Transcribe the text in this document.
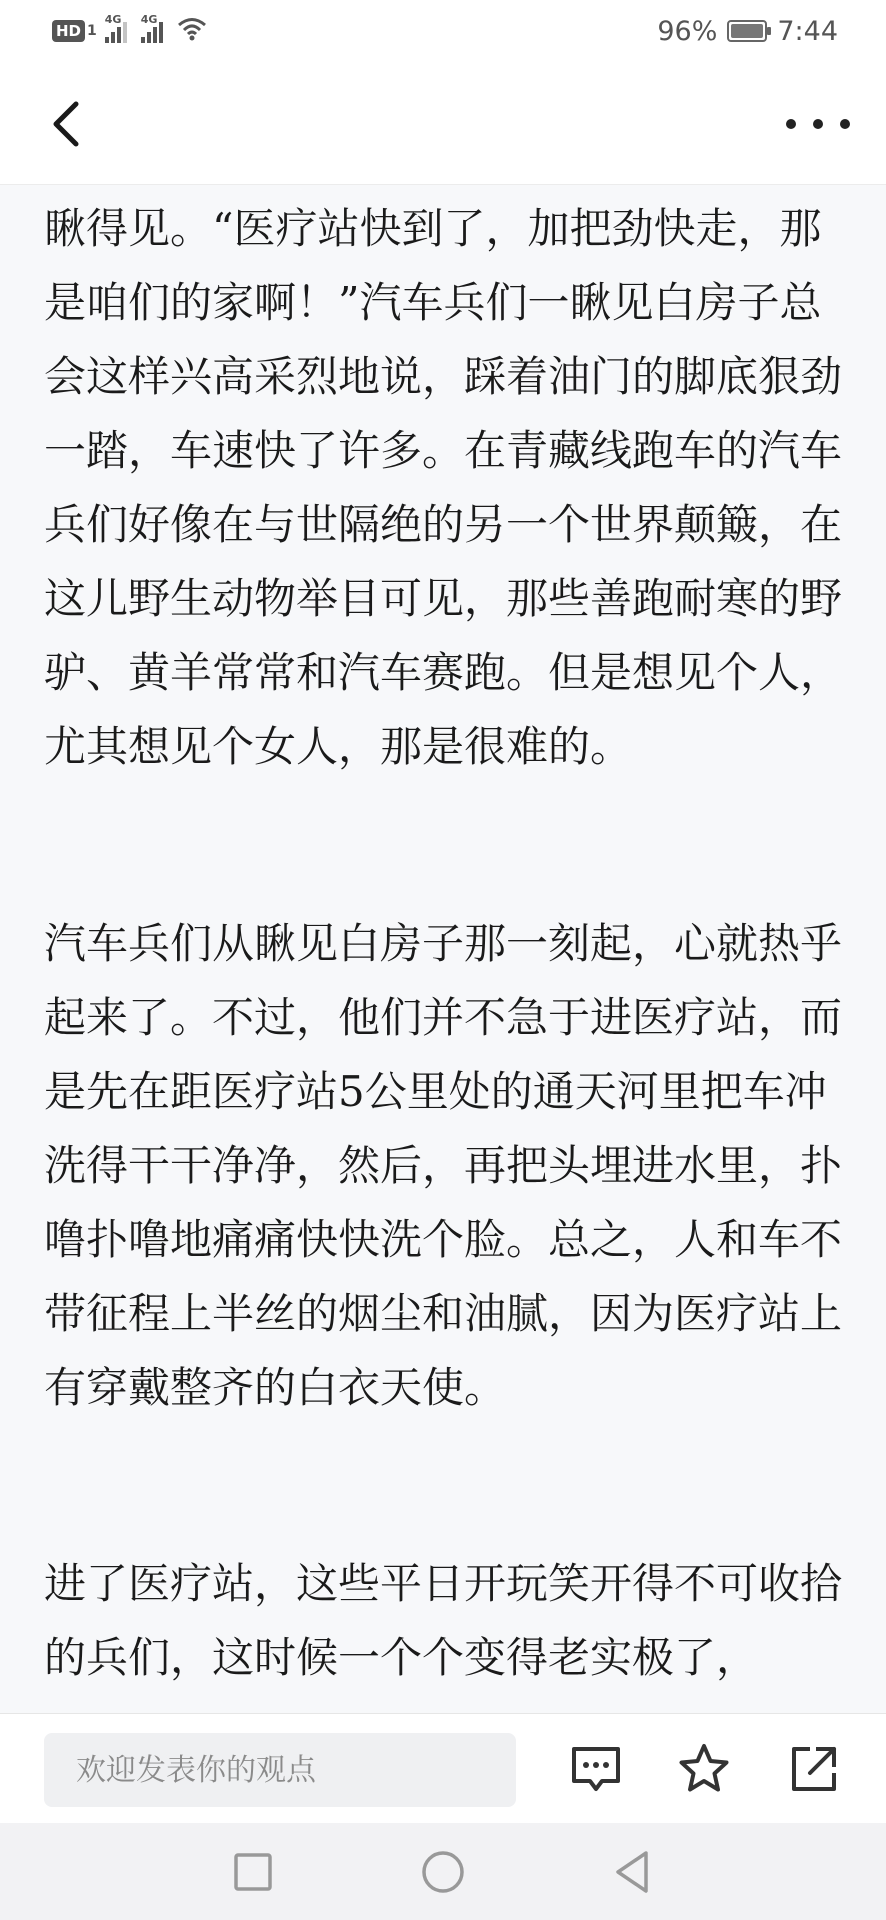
HD 1
4G 4G	96% 7:44

瞅得见。“医疗站快到了，加把劲快走，那是咱们的家啊！”汽车兵们一瞅见白房子总会这样兴高采烈地说，踩着油门的脚底狠劲一踏，车速快了许多。在青藏线跑车的汽车兵们好像在与世隔绝的另一个世界颠簸，在这儿野生动物举目可见，那些善跑耐寒的野驴、黄羊常常和汽车赛跑。但是想见个人，尤其想见个女人，那是很难的。

汽车兵们从瞅见白房子那一刻起，心就热乎起来了。不过，他们并不急于进医疗站，而是先在距医疗站5公里处的通天河里把车冲洗得干干净净，然后，再把头埋进水里，扑噜扑噜地痛痛快快洗个脸。总之，人和车不带征程上半丝的烟尘和油腻，因为医疗站上有穿戴整齐的白衣天使。

进了医疗站，这些平日开玩笑开得不可收拾的兵们，这时候一个个变得老实极了，

欢迎发表你的观点
